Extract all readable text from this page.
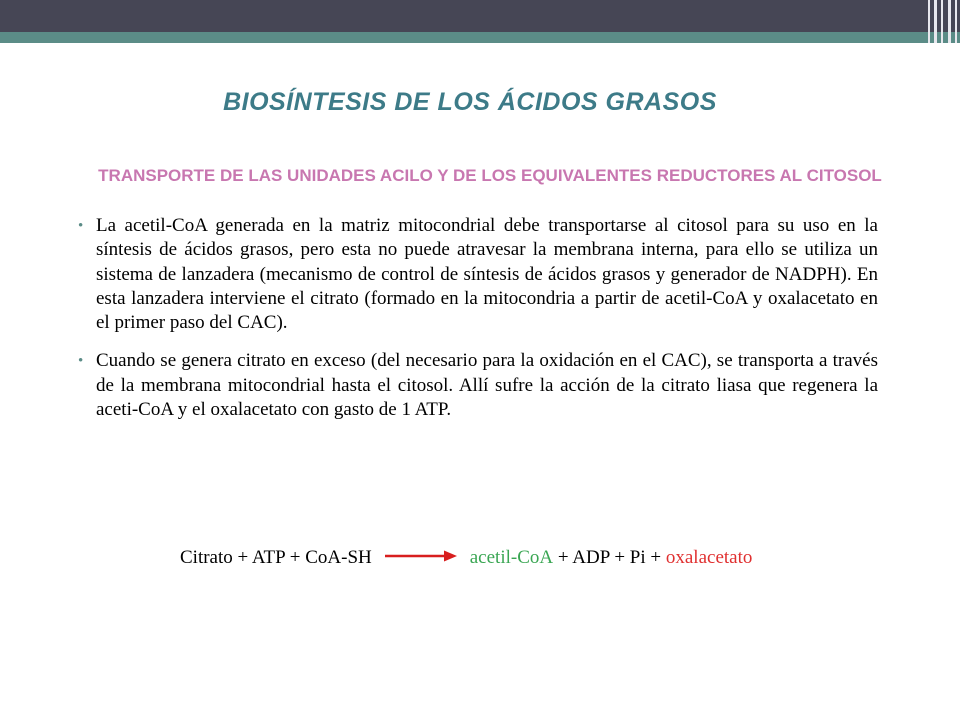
BIOSÍNTESIS DE LOS ÁCIDOS GRASOS
TRANSPORTE DE LAS UNIDADES ACILO Y DE LOS EQUIVALENTES REDUCTORES AL CITOSOL
• La acetil-CoA generada en la matriz mitocondrial debe transportarse al citosol para su uso en la síntesis de ácidos grasos, pero esta no puede atravesar la membrana interna, para ello se utiliza un sistema de lanzadera (mecanismo de control de síntesis de ácidos grasos y generador de NADPH). En esta lanzadera interviene el citrato (formado en la mitocondria a partir de acetil-CoA y oxalacetato en el primer paso del CAC).
• Cuando se genera citrato en exceso (del necesario para la oxidación en el CAC), se transporta a través de la membrana mitocondrial hasta el citosol. Allí sufre la acción de la citrato liasa que regenera la aceti-CoA y el oxalacetato con gasto de 1 ATP.
Citrato + ATP + CoA-SH → acetil-CoA + ADP + Pi + oxalacetato
